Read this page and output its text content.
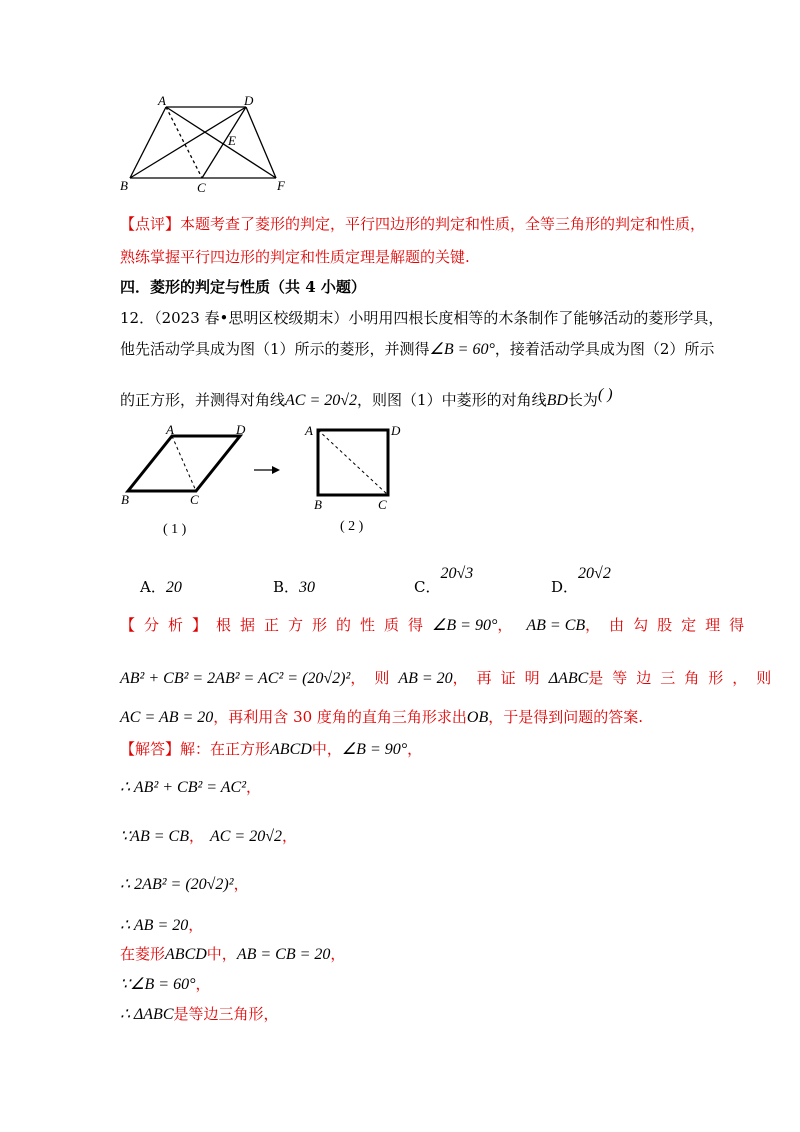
A	D
E
B	C	F
【点评】本题考查了菱形的判定，平行四边形的判定和性质，全等三角形的判定和性质，
熟练掌握平行四边形的判定和性质定理是解题的关键.
四．菱形的判定与性质（共 4 小题）
12．（2023 春•思明区校级期末）小明用四根长度相等的木条制作了能够活动的菱形学具，
他先活动学具成为图（1）所示的菱形，并测得∠B = 60°，接着活动学具成为图（2）所示
的正方形，并测得对角线AC = 20√2，则图（1）中菱形的对角线BD长为( )
A	D
B	C
( 1 )
A	D
B	C
( 2 )
A．20	B．30	C．20√3
D．20√2
【分析】根据正方形的性质得∠B = 90°， AB = CB，由勾股定理得
AB² + CB² = 2AB² = AC² = (20√2)²，则AB = 20，再证明ΔABC是等边三角形，则
AC = AB = 20，再利用含 30 度角的直角三角形求出OB，于是得到问题的答案.
【解答】解：在正方形ABCD中，∠B = 90°，
∴ AB² + CB² = AC²，
∵AB = CB， AC = 20√2，
∴ 2AB² = (20√2)²，
∴ AB = 20，
在菱形ABCD中，AB = CB = 20，
∵∠B = 60°，
∴ ΔABC是等边三角形，
